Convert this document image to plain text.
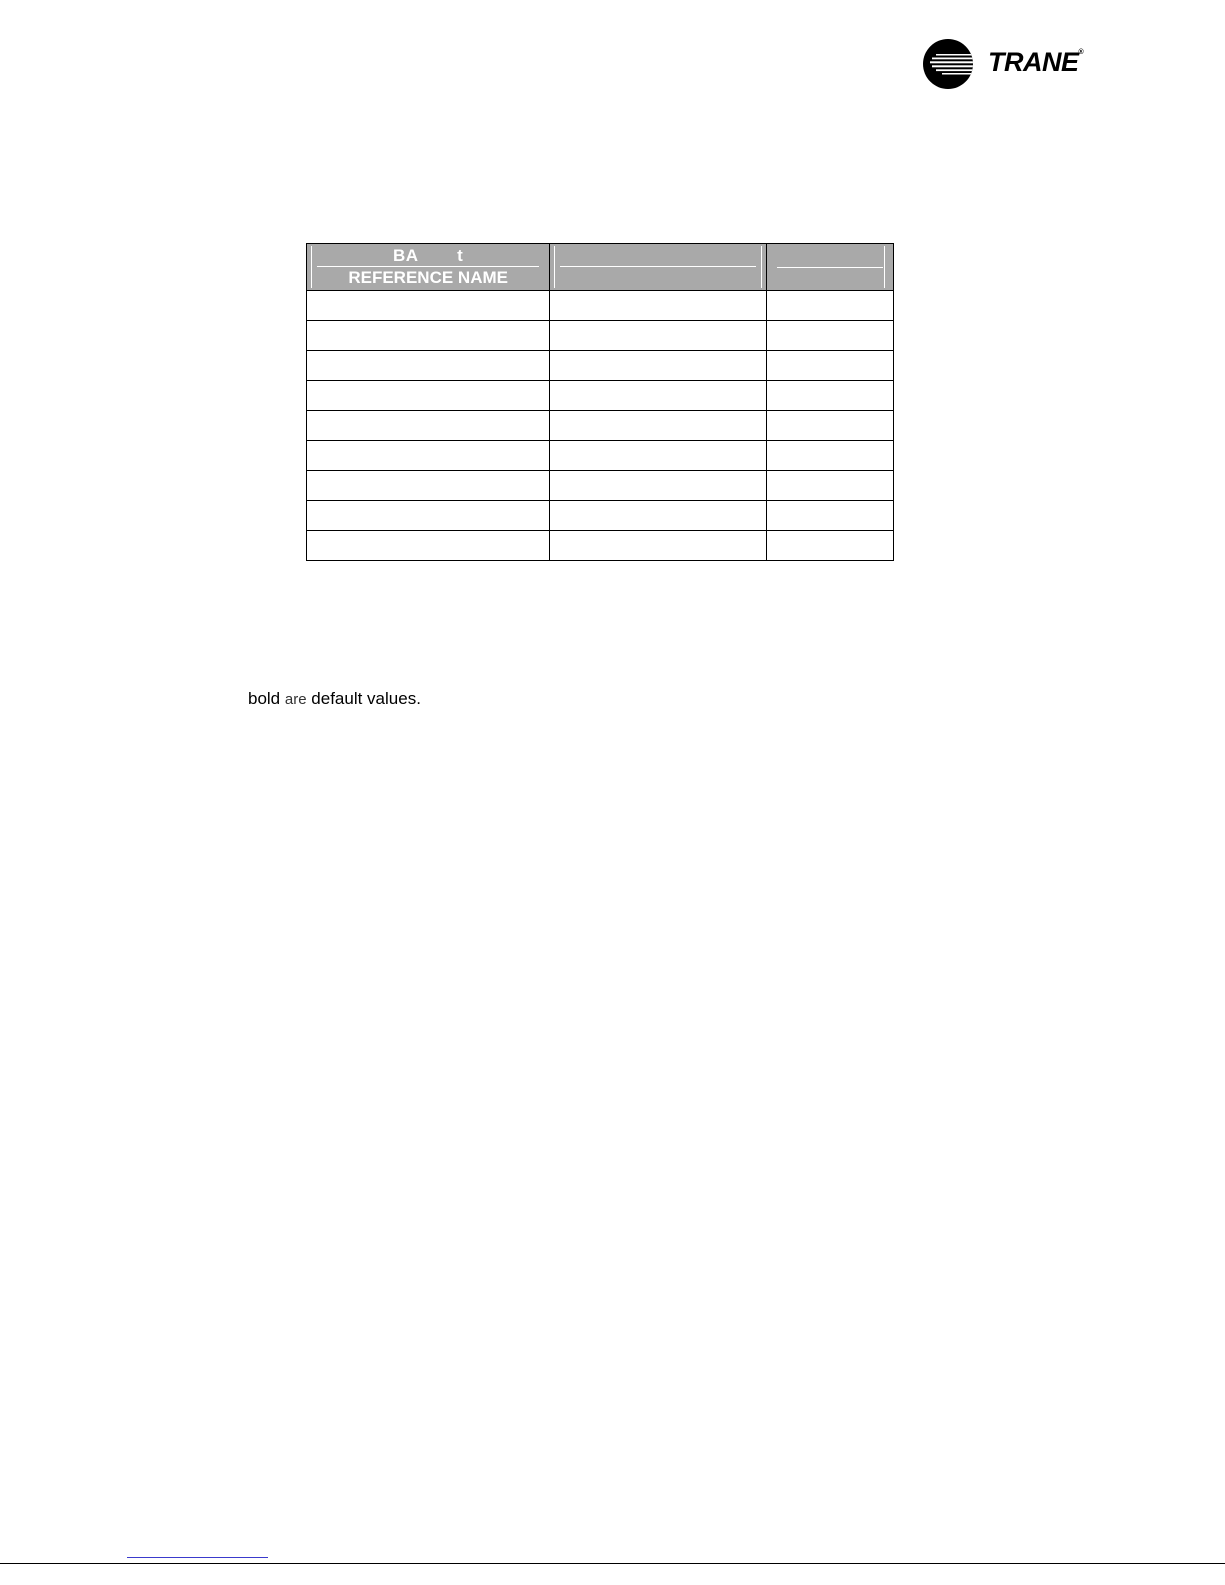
TRANE®
BA t
REFERENCE NAME		

bold are default values.
